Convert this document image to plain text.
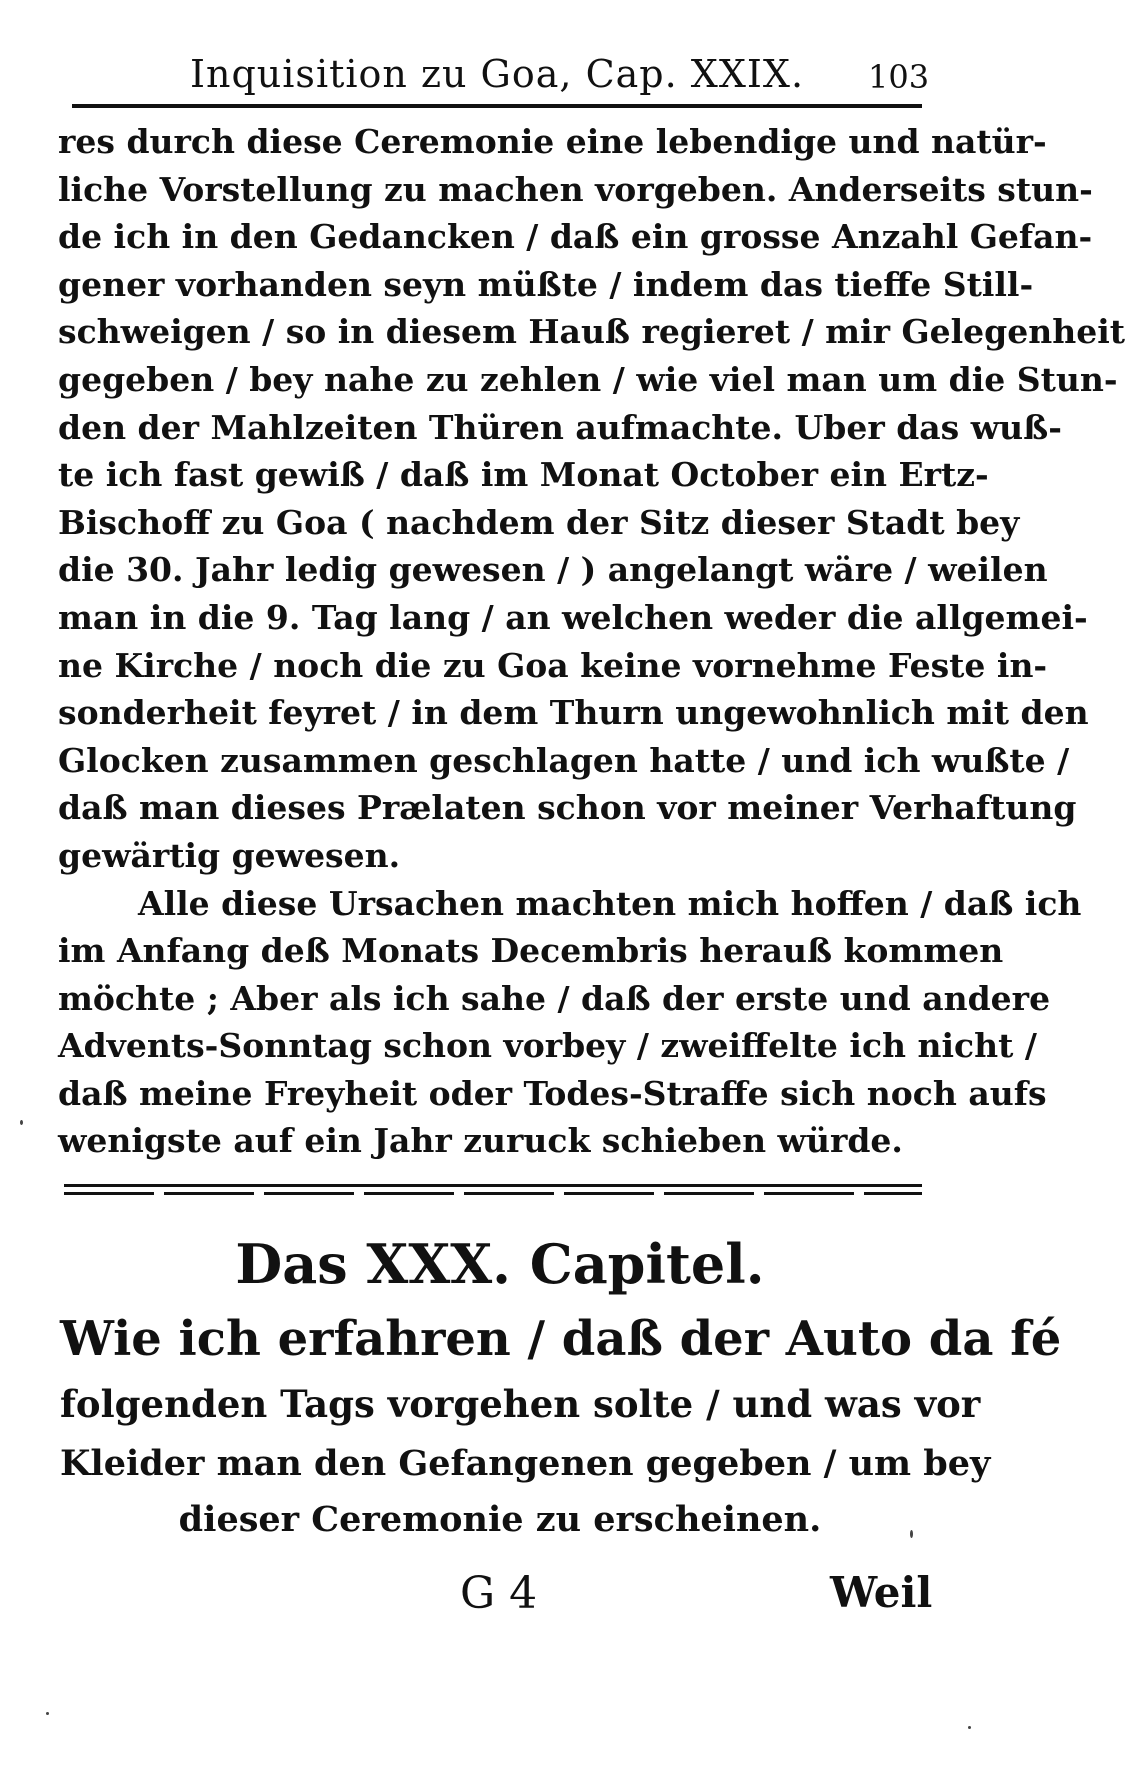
Inquisition zu Goa, Cap. XXIX. 103
res durch diese Ceremonie eine lebendige und natür-
liche Vorstellung zu machen vorgeben. Anderseits stun-
de ich in den Gedancken / daß ein grosse Anzahl Gefan-
gener vorhanden seyn müßte / indem das tieffe Still-
schweigen / so in diesem Hauß regieret / mir Gelegenheit
gegeben / bey nahe zu zehlen / wie viel man um die Stun-
den der Mahlzeiten Thüren aufmachte. Uber das wuß-
te ich fast gewiß / daß im Monat October ein Ertz-
Bischoff zu Goa ( nachdem der Sitz dieser Stadt bey
die 30. Jahr ledig gewesen / ) angelangt wäre / weilen
man in die 9. Tag lang / an welchen weder die allgemei-
ne Kirche / noch die zu Goa keine vornehme Feste in-
sonderheit feyret / in dem Thurn ungewohnlich mit den
Glocken zusammen geschlagen hatte / und ich wußte /
daß man dieses Prælaten schon vor meiner Verhaftung
gewärtig gewesen.
Alle diese Ursachen machten mich hoffen / daß ich
im Anfang deß Monats Decembris herauß kommen
möchte ; Aber als ich sahe / daß der erste und andere
Advents-Sonntag schon vorbey / zweiffelte ich nicht /
daß meine Freyheit oder Todes-Straffe sich noch aufs
wenigste auf ein Jahr zuruck schieben würde.
Das XXX. Capitel.
Wie ich erfahren / daß der Auto da fé
folgenden Tags vorgehen solte / und was vor
Kleider man den Gefangenen gegeben / um bey
dieser Ceremonie zu erscheinen.
G 4	Weil
